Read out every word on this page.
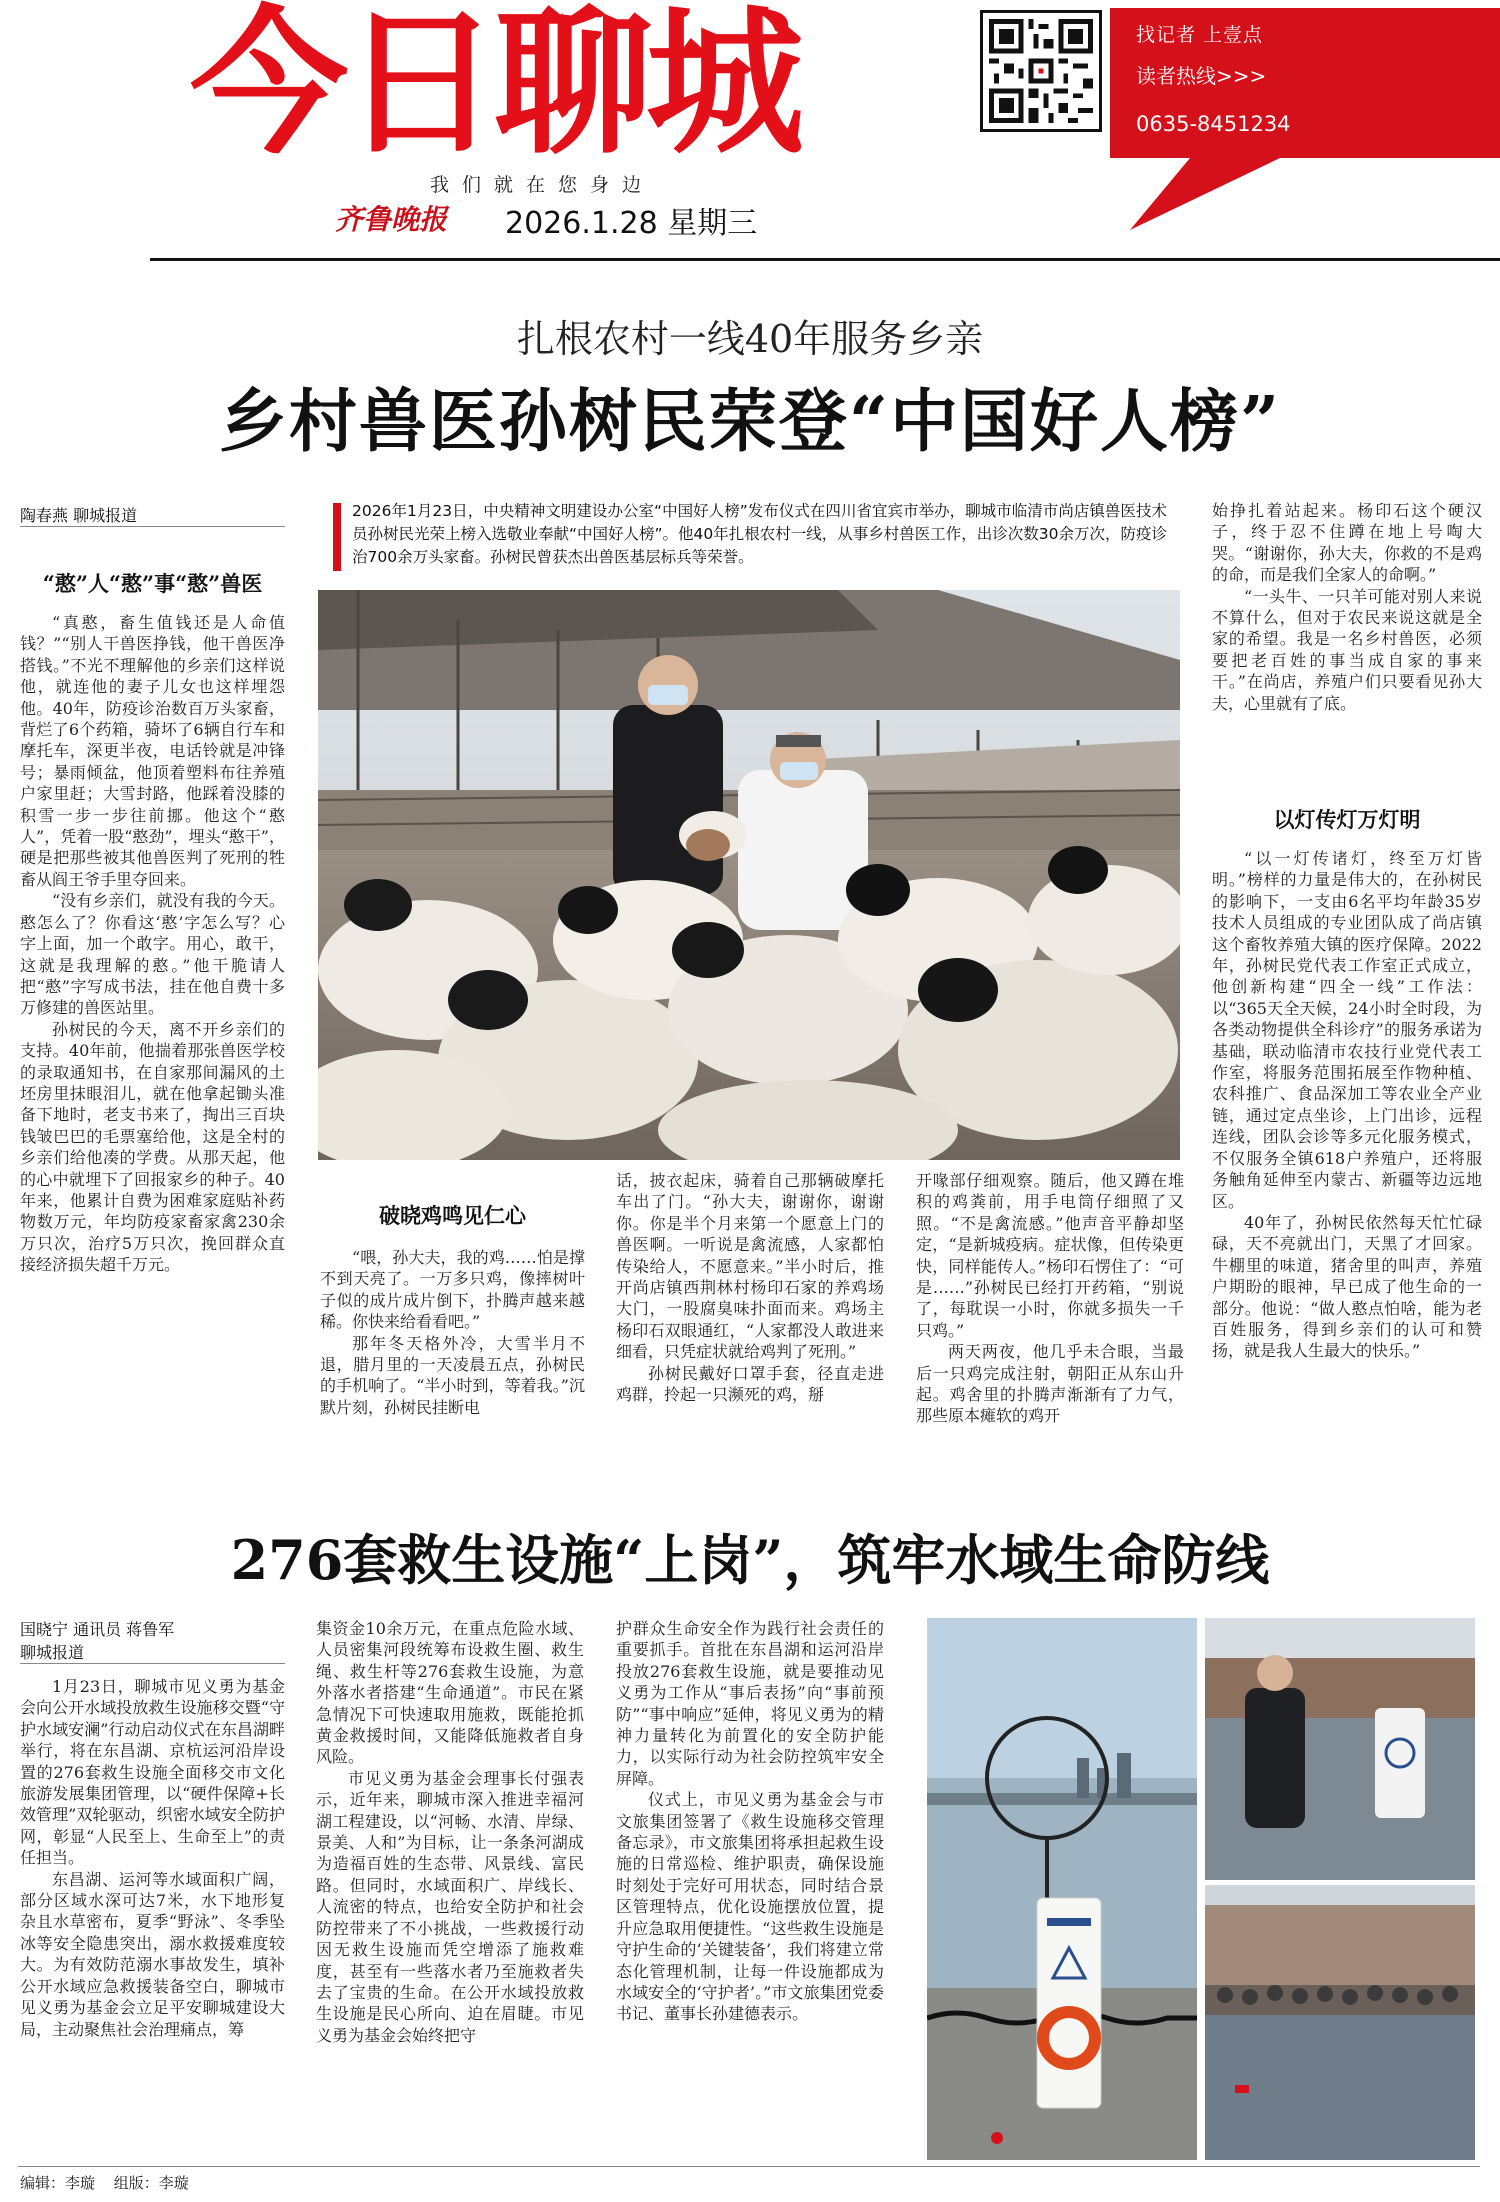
今日聊城
我们就在您身边
齐鲁晚报	2026.1.28 星期三
找记者 上壹点
读者热线>>>
0635-8451234
扎根农村一线40年服务乡亲
乡村兽医孙树民荣登“中国好人榜”
陶春燕 聊城报道
“憨”人“憨”事“憨”兽医

“真憨，畜生值钱还是人命值钱？”“别人干兽医挣钱，他干兽医净搭钱。”不光不理解他的乡亲们这样说他，就连他的妻子儿女也这样埋怨他。40年，防疫诊治数百万头家畜，背烂了6个药箱，骑坏了6辆自行车和摩托车，深更半夜，电话铃就是冲锋号；暴雨倾盆，他顶着塑料布往养殖户家里赶；大雪封路，他踩着没膝的积雪一步一步往前挪。他这个“憨人”，凭着一股“憨劲”，埋头“憨干”，硬是把那些被其他兽医判了死刑的牲畜从阎王爷手里夺回来。

“没有乡亲们，就没有我的今天。憨怎么了？你看这‘憨’字怎么写？心字上面，加一个敢字。用心，敢干，这就是我理解的憨。”他干脆请人把“憨”字写成书法，挂在他自费十多万修建的兽医站里。

孙树民的今天，离不开乡亲们的支持。40年前，他揣着那张兽医学校的录取通知书，在自家那间漏风的土坯房里抹眼泪儿，就在他拿起锄头准备下地时，老支书来了，掏出三百块钱皱巴巴的毛票塞给他，这是全村的乡亲们给他凑的学费。从那天起，他的心中就埋下了回报家乡的种子。40年来，他累计自费为困难家庭贴补药物数万元，年均防疫家畜家禽230余万只次，治疗5万只次，挽回群众直接经济损失超千万元。

2026年1月23日，中央精神文明建设办公室“中国好人榜”发布仪式在四川省宜宾市举办，聊城市临清市尚店镇兽医技术员孙树民光荣上榜入选敬业奉献“中国好人榜”。他40年扎根农村一线，从事乡村兽医工作，出诊次数30余万次，防疫诊治700余万头家畜。孙树民曾获杰出兽医基层标兵等荣誉。
破晓鸡鸣见仁心

“喂，孙大夫，我的鸡……怕是撑不到天亮了。一万多只鸡，像摔树叶子似的成片成片倒下，扑腾声越来越稀。你快来给看看吧。”

那年冬天格外冷，大雪半月不退，腊月里的一天凌晨五点，孙树民的手机响了。“半小时到，等着我。”沉默片刻，孙树民挂断电

话，披衣起床，骑着自己那辆破摩托车出了门。“孙大夫，谢谢你，谢谢你。你是半个月来第一个愿意上门的兽医啊。一听说是禽流感，人家都怕传染给人，不愿意来。”半小时后，推开尚店镇西荆林村杨印石家的养鸡场大门，一股腐臭味扑面而来。鸡场主杨印石双眼通红，“人家都没人敢进来细看，只凭症状就给鸡判了死刑。”

孙树民戴好口罩手套，径直走进鸡群，拎起一只濒死的鸡，掰

开喙部仔细观察。随后，他又蹲在堆积的鸡粪前，用手电筒仔细照了又照。“不是禽流感。”他声音平静却坚定，“是新城疫病。症状像，但传染更快，同样能传人。”杨印石愣住了：“可是……”孙树民已经打开药箱，“别说了，每耽误一小时，你就多损失一千只鸡。”

两天两夜，他几乎未合眼，当最后一只鸡完成注射，朝阳正从东山升起。鸡舍里的扑腾声渐渐有了力气，那些原本瘫软的鸡开

始挣扎着站起来。杨印石这个硬汉子，终于忍不住蹲在地上号啕大哭。“谢谢你，孙大夫，你救的不是鸡的命，而是我们全家人的命啊。”

“一头牛、一只羊可能对别人来说不算什么，但对于农民来说这就是全家的希望。我是一名乡村兽医，必须要把老百姓的事当成自家的事来干。”在尚店，养殖户们只要看见孙大夫，心里就有了底。

以灯传灯万灯明

“以一灯传诸灯，终至万灯皆明。”榜样的力量是伟大的，在孙树民的影响下，一支由6名平均年龄35岁技术人员组成的专业团队成了尚店镇这个畜牧养殖大镇的医疗保障。2022年，孙树民党代表工作室正式成立，他创新构建“四全一线”工作法：以“365天全天候，24小时全时段，为各类动物提供全科诊疗”的服务承诺为基础，联动临清市农技行业党代表工作室，将服务范围拓展至作物种植、农科推广、食品深加工等农业全产业链，通过定点坐诊，上门出诊，远程连线，团队会诊等多元化服务模式，不仅服务全镇618户养殖户，还将服务触角延伸至内蒙古、新疆等边远地区。

40年了，孙树民依然每天忙忙碌碌，天不亮就出门，天黑了才回家。牛棚里的味道，猪舍里的叫声，养殖户期盼的眼神，早已成了他生命的一部分。他说：“做人憨点怕啥，能为老百姓服务，得到乡亲们的认可和赞扬，就是我人生最大的快乐。”

276套救生设施“上岗”，筑牢水域生命防线
国晓宁 通讯员 蒋鲁军
聊城报道

1月23日，聊城市见义勇为基金会向公开水域投放救生设施移交暨“守护水域安澜”行动启动仪式在东昌湖畔举行，将在东昌湖、京杭运河沿岸设置的276套救生设施全面移交市文化旅游发展集团管理，以“硬件保障+长效管理”双轮驱动，织密水域安全防护网，彰显“人民至上、生命至上”的责任担当。

东昌湖、运河等水域面积广阔，部分区域水深可达7米，水下地形复杂且水草密布，夏季“野泳”、冬季坠冰等安全隐患突出，溺水救援难度较大。为有效防范溺水事故发生，填补公开水域应急救援装备空白，聊城市见义勇为基金会立足平安聊城建设大局，主动聚焦社会治理痛点，筹

集资金10余万元，在重点危险水域、人员密集河段统筹布设救生圈、救生绳、救生杆等276套救生设施，为意外落水者搭建“生命通道”。市民在紧急情况下可快速取用施救，既能抢抓黄金救援时间，又能降低施救者自身风险。

市见义勇为基金会理事长付强表示，近年来，聊城市深入推进幸福河湖工程建设，以“河畅、水清、岸绿、景美、人和”为目标，让一条条河湖成为造福百姓的生态带、风景线、富民路。但同时，水域面积广、岸线长、人流密的特点，也给安全防护和社会防控带来了不小挑战，一些救援行动因无救生设施而凭空增添了施救难度，甚至有一些落水者乃至施救者失去了宝贵的生命。在公开水域投放救生设施是民心所向、迫在眉睫。市见义勇为基金会始终把守

护群众生命安全作为践行社会责任的重要抓手。首批在东昌湖和运河沿岸投放276套救生设施，就是要推动见义勇为工作从“事后表扬”向“事前预防”“事中响应”延伸，将见义勇为的精神力量转化为前置化的安全防护能力，以实际行动为社会防控筑牢安全屏障。

仪式上，市见义勇为基金会与市文旅集团签署了《救生设施移交管理备忘录》，市文旅集团将承担起救生设施的日常巡检、维护职责，确保设施时刻处于完好可用状态，同时结合景区管理特点，优化设施摆放位置，提升应急取用便捷性。“这些救生设施是守护生命的‘关键装备’，我们将建立常态化管理机制，让每一件设施都成为水域安全的‘守护者’。”市文旅集团党委书记、董事长孙建德表示。

编辑：李璇 组版：李璇
